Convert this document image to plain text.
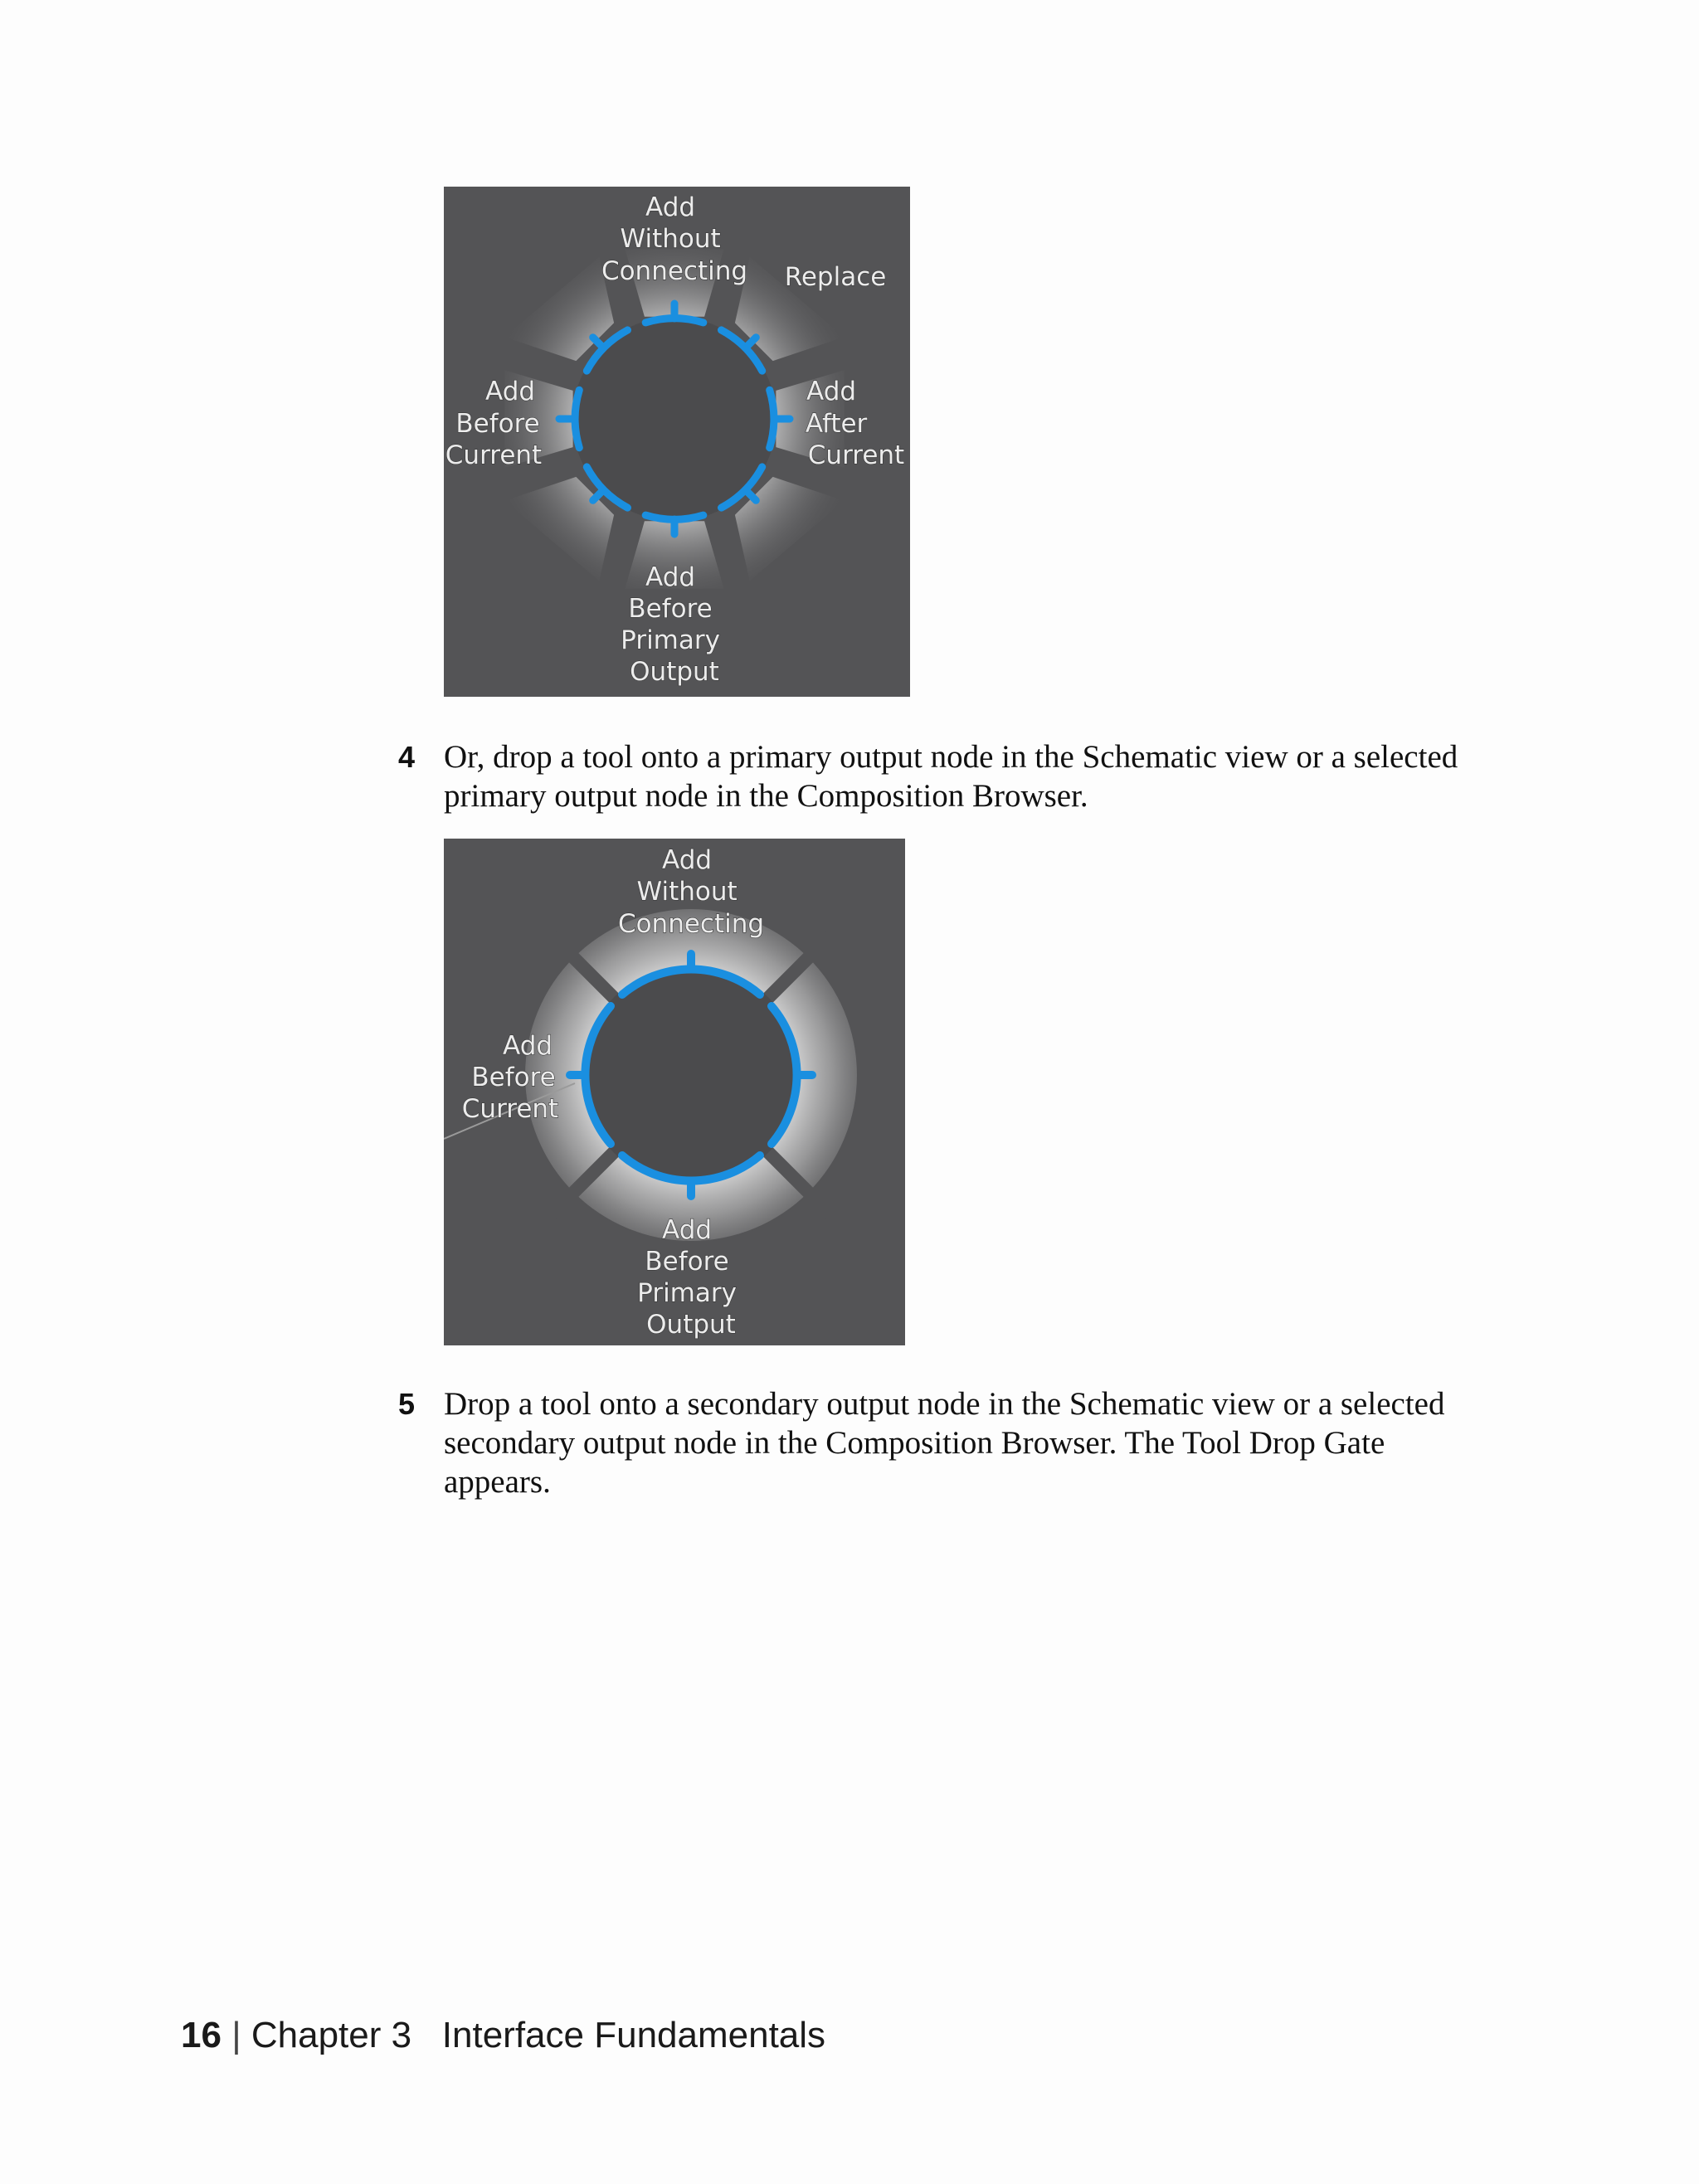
Add Without Connecting Replace
Add Before Current
Add After Current
Add Before Primary Output
4 Or, drop a tool onto a primary output node in the Schematic view or a selected primary output node in the Composition Browser.
Add Without Connecting
Add Before Current
Add Before Primary Output
5 Drop a tool onto a secondary output node in the Schematic view or a selected secondary output node in the Composition Browser. The Tool Drop Gate appears.
16 | Chapter 3 Interface Fundamentals
